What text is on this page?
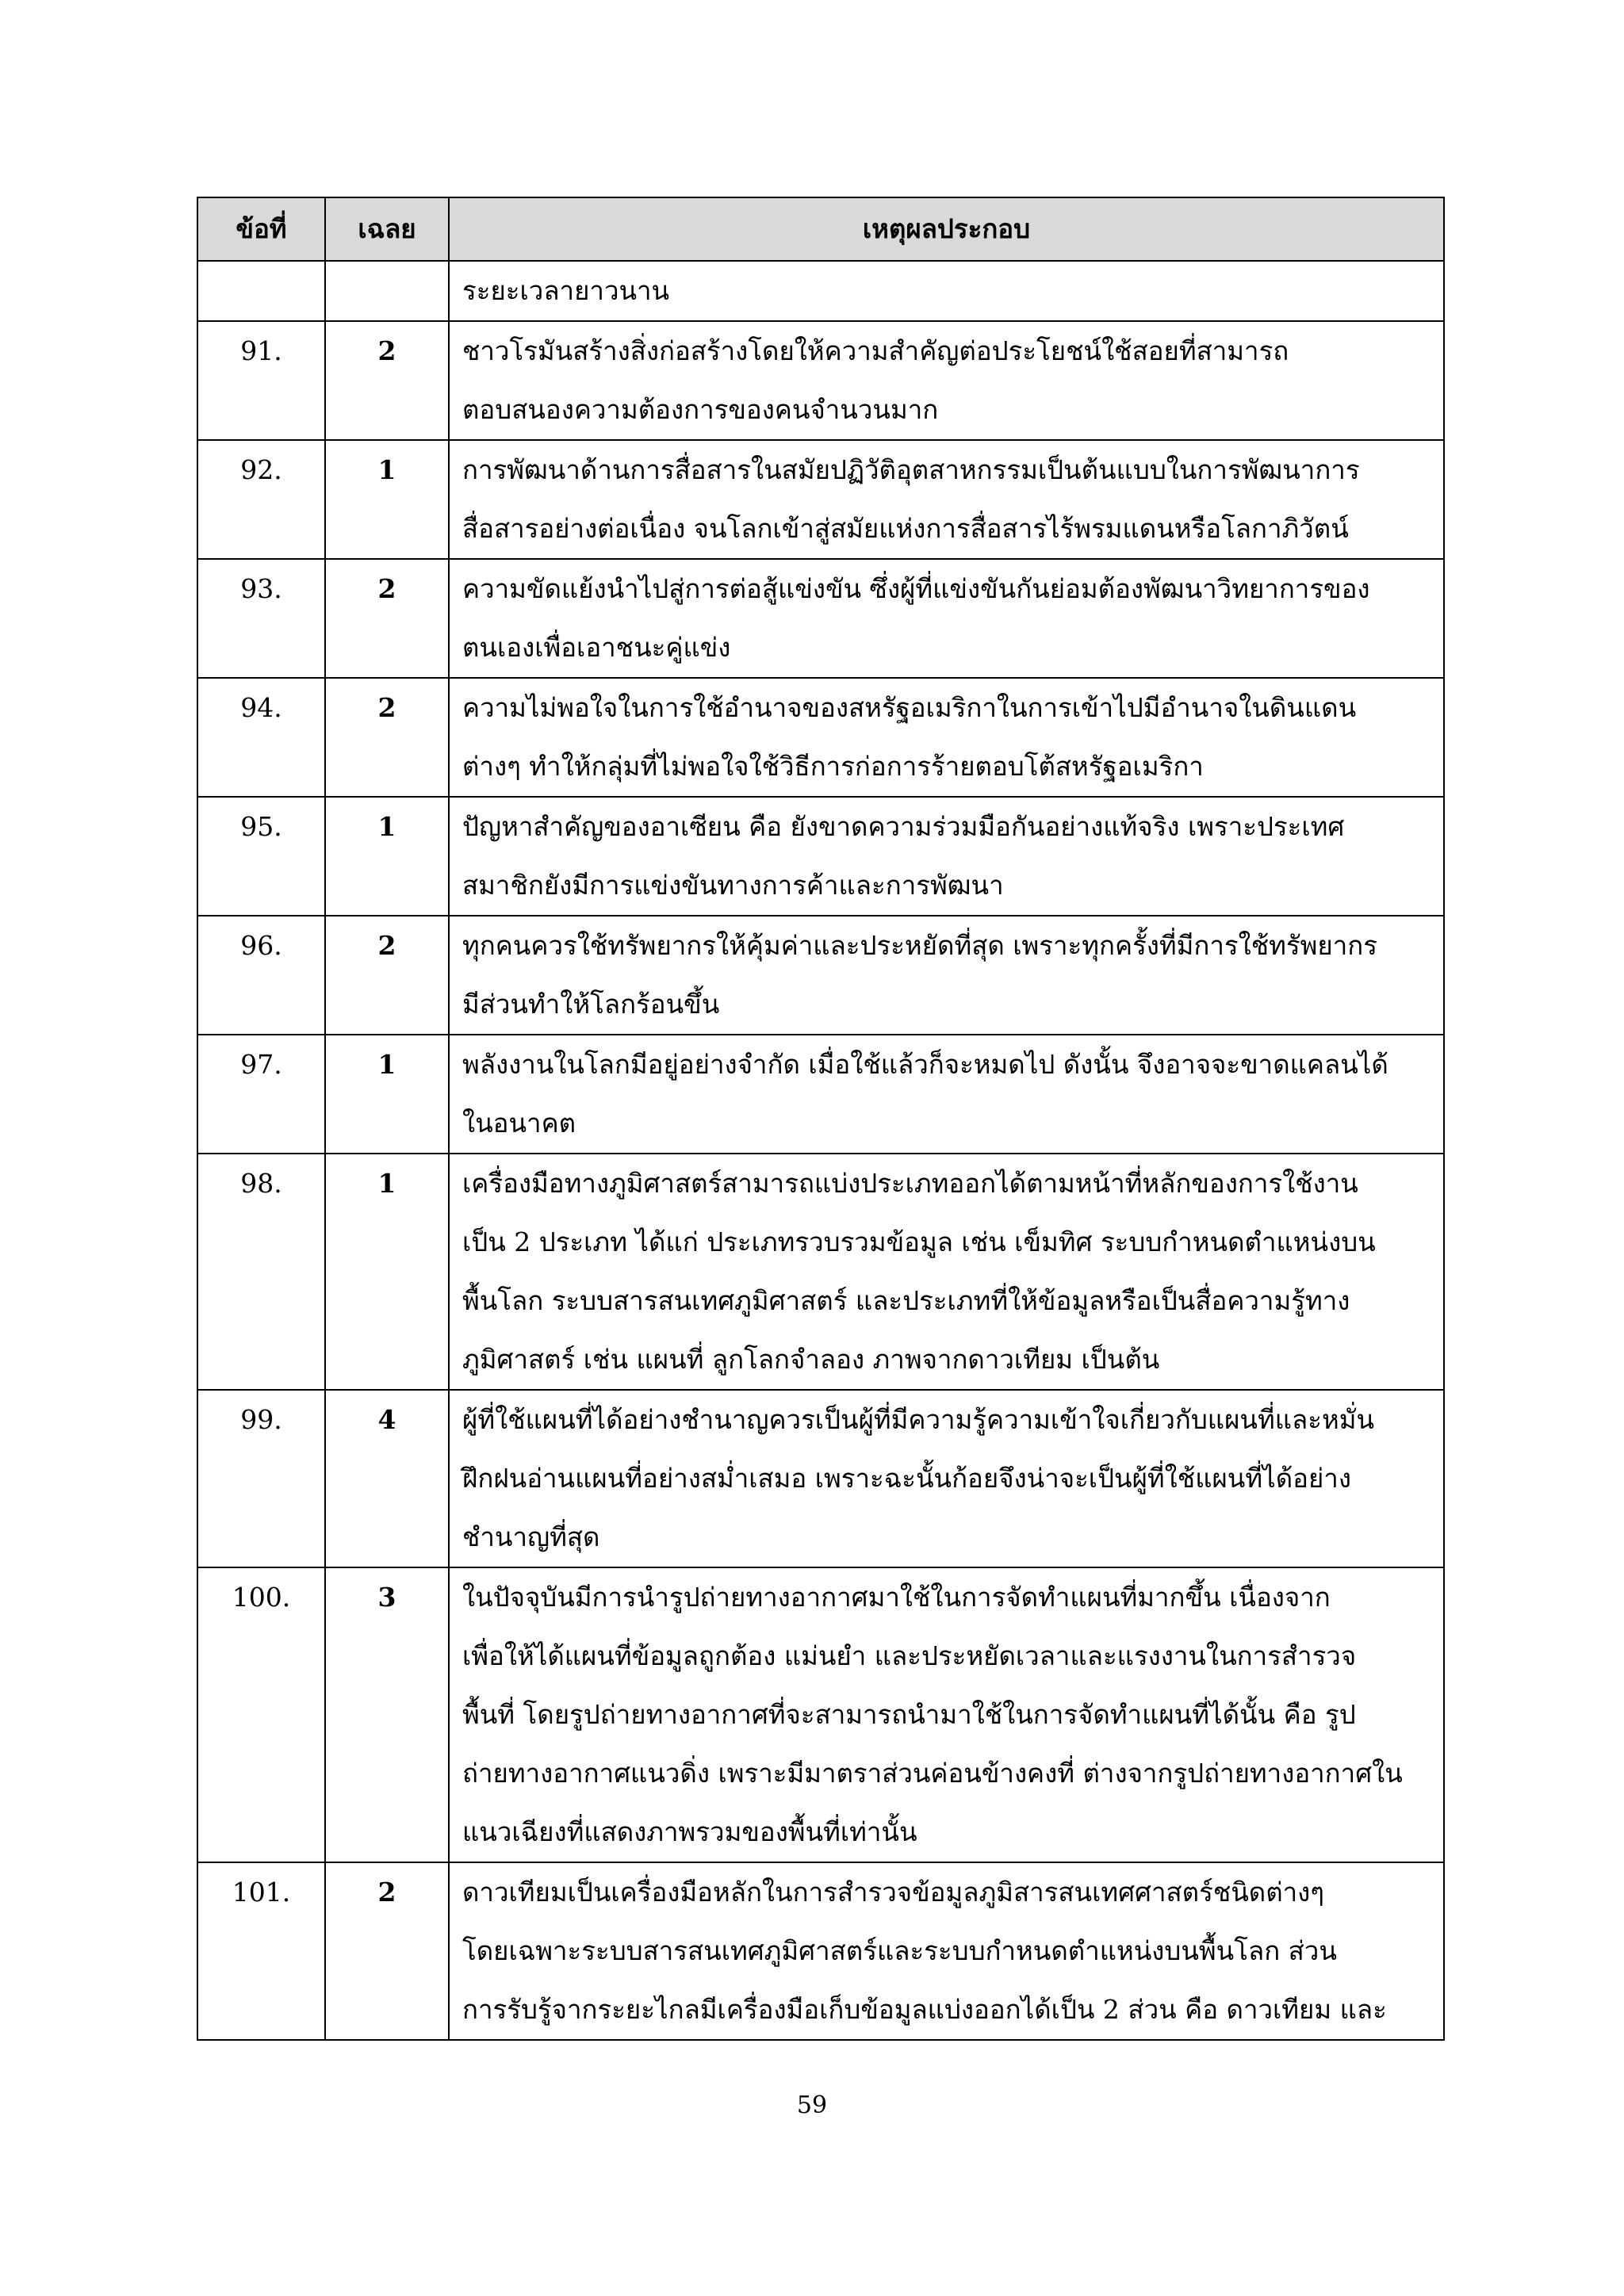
ข้อที่	เฉลย	เหตุผลประกอบ

		ระยะเวลายาวนาน

91.	2	ชาวโรมันสร้างสิ่งก่อสร้างโดยให้ความสำคัญต่อประโยชน์ใช้สอยที่สามารถ
ตอบสนองความต้องการของคนจำนวนมาก

92.	1	การพัฒนาด้านการสื่อสารในสมัยปฏิวัติอุตสาหกรรมเป็นต้นแบบในการพัฒนาการ
สื่อสารอย่างต่อเนื่อง จนโลกเข้าสู่สมัยแห่งการสื่อสารไร้พรมแดนหรือโลกาภิวัตน์

93.	2	ความขัดแย้งนำไปสู่การต่อสู้แข่งขัน ซึ่งผู้ที่แข่งขันกันย่อมต้องพัฒนาวิทยาการของ
ตนเองเพื่อเอาชนะคู่แข่ง

94.	2	ความไม่พอใจในการใช้อำนาจของสหรัฐอเมริกาในการเข้าไปมีอำนาจในดินแดน
ต่างๆ ทำให้กลุ่มที่ไม่พอใจใช้วิธีการก่อการร้ายตอบโต้สหรัฐอเมริกา

95.	1	ปัญหาสำคัญของอาเซียน คือ ยังขาดความร่วมมือกันอย่างแท้จริง เพราะประเทศ
สมาชิกยังมีการแข่งขันทางการค้าและการพัฒนา

96.	2	ทุกคนควรใช้ทรัพยากรให้คุ้มค่าและประหยัดที่สุด เพราะทุกครั้งที่มีการใช้ทรัพยากร
มีส่วนทำให้โลกร้อนขึ้น

97.	1	พลังงานในโลกมีอยู่อย่างจำกัด เมื่อใช้แล้วก็จะหมดไป ดังนั้น จึงอาจจะขาดแคลนได้
ในอนาคต

98.	1	เครื่องมือทางภูมิศาสตร์สามารถแบ่งประเภทออกได้ตามหน้าที่หลักของการใช้งาน
เป็น 2 ประเภท ได้แก่ ประเภทรวบรวมข้อมูล เช่น เข็มทิศ ระบบกำหนดตำแหน่งบน
พื้นโลก ระบบสารสนเทศภูมิศาสตร์ และประเภทที่ให้ข้อมูลหรือเป็นสื่อความรู้ทาง
ภูมิศาสตร์ เช่น แผนที่ ลูกโลกจำลอง ภาพจากดาวเทียม เป็นต้น

99.	4	ผู้ที่ใช้แผนที่ได้อย่างชำนาญควรเป็นผู้ที่มีความรู้ความเข้าใจเกี่ยวกับแผนที่และหมั่น
ฝึกฝนอ่านแผนที่อย่างสม่ำเสมอ เพราะฉะนั้นก้อยจึงน่าจะเป็นผู้ที่ใช้แผนที่ได้อย่าง
ชำนาญที่สุด

100.	3	ในปัจจุบันมีการนำรูปถ่ายทางอากาศมาใช้ในการจัดทำแผนที่มากขึ้น เนื่องจาก
เพื่อให้ได้แผนที่ข้อมูลถูกต้อง แม่นยำ และประหยัดเวลาและแรงงานในการสำรวจ
พื้นที่ โดยรูปถ่ายทางอากาศที่จะสามารถนำมาใช้ในการจัดทำแผนที่ได้นั้น คือ รูป
ถ่ายทางอากาศแนวดิ่ง เพราะมีมาตราส่วนค่อนข้างคงที่ ต่างจากรูปถ่ายทางอากาศใน
แนวเฉียงที่แสดงภาพรวมของพื้นที่เท่านั้น

101.	2	ดาวเทียมเป็นเครื่องมือหลักในการสำรวจข้อมูลภูมิสารสนเทศศาสตร์ชนิดต่างๆ
โดยเฉพาะระบบสารสนเทศภูมิศาสตร์และระบบกำหนดตำแหน่งบนพื้นโลก ส่วน
การรับรู้จากระยะไกลมีเครื่องมือเก็บข้อมูลแบ่งออกได้เป็น 2 ส่วน คือ ดาวเทียม และ
59
